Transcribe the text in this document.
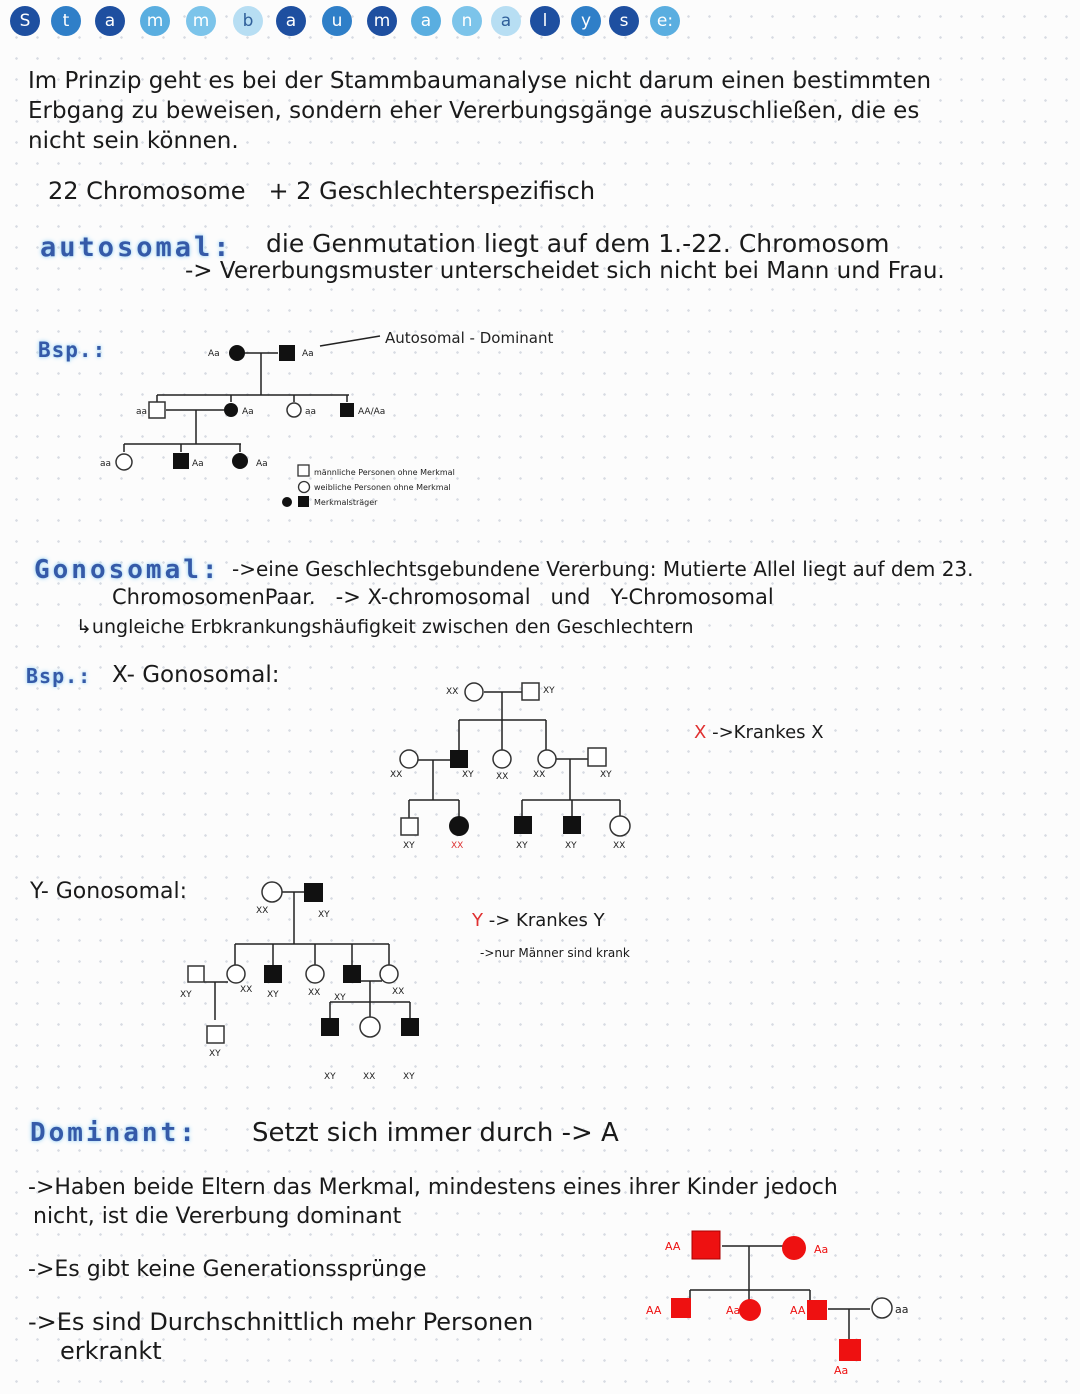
S	t	a	m	m	b	a	u	m	a	n	a	l	y	s	e:
Im Prinzip geht es bei der Stammbaumanalyse nicht darum einen bestimmten
Erbgang zu beweisen, sondern eher Vererbungsgänge auszuschließen, die es
nicht sein können.
22 Chromosome   + 2 Geschlechterspezifisch
autosomal: die Genmutation liegt auf dem 1.-22. Chromosom
-> Vererbungsmuster unterscheidet sich nicht bei Mann und Frau.
Bsp.:	Aa	Aa
aa	Aa	aa	AA/Aa
aa	Aa	Aa
Autosomal - Dominant
männliche Personen ohne Merkmal
weibliche Personen ohne Merkmal
Merkmalsträger
Gonosomal: ->eine Geschlechtsgebundene Vererbung: Mutierte Allel liegt auf dem 23.
ChromosomenPaar.   -> X-chromosomal   und   Y-Chromosomal
↳ungleiche Erbkrankungshäufigkeit zwischen den Geschlechtern
Bsp.: X- Gonosomal:
XX	XY
XX	XY XX	XX	XY
XY	XX	XY	XY	XX
X ->Krankes X
Y- Gonosomal:
XX	XY
XY	XX XY	XX XY
XX
XY
XY	XX	XY
Y -> Krankes Y
->nur Männer sind krank
Dominant: Setzt sich immer durch -> A
->Haben beide Eltern das Merkmal, mindestens eines ihrer Kinder jedoch
nicht, ist die Vererbung dominant
->Es gibt keine Generationssprünge
->Es sind Durchschnittlich mehr Personen
erkrankt
AA	Aa
AA	Aa	AA
Aa
aa
